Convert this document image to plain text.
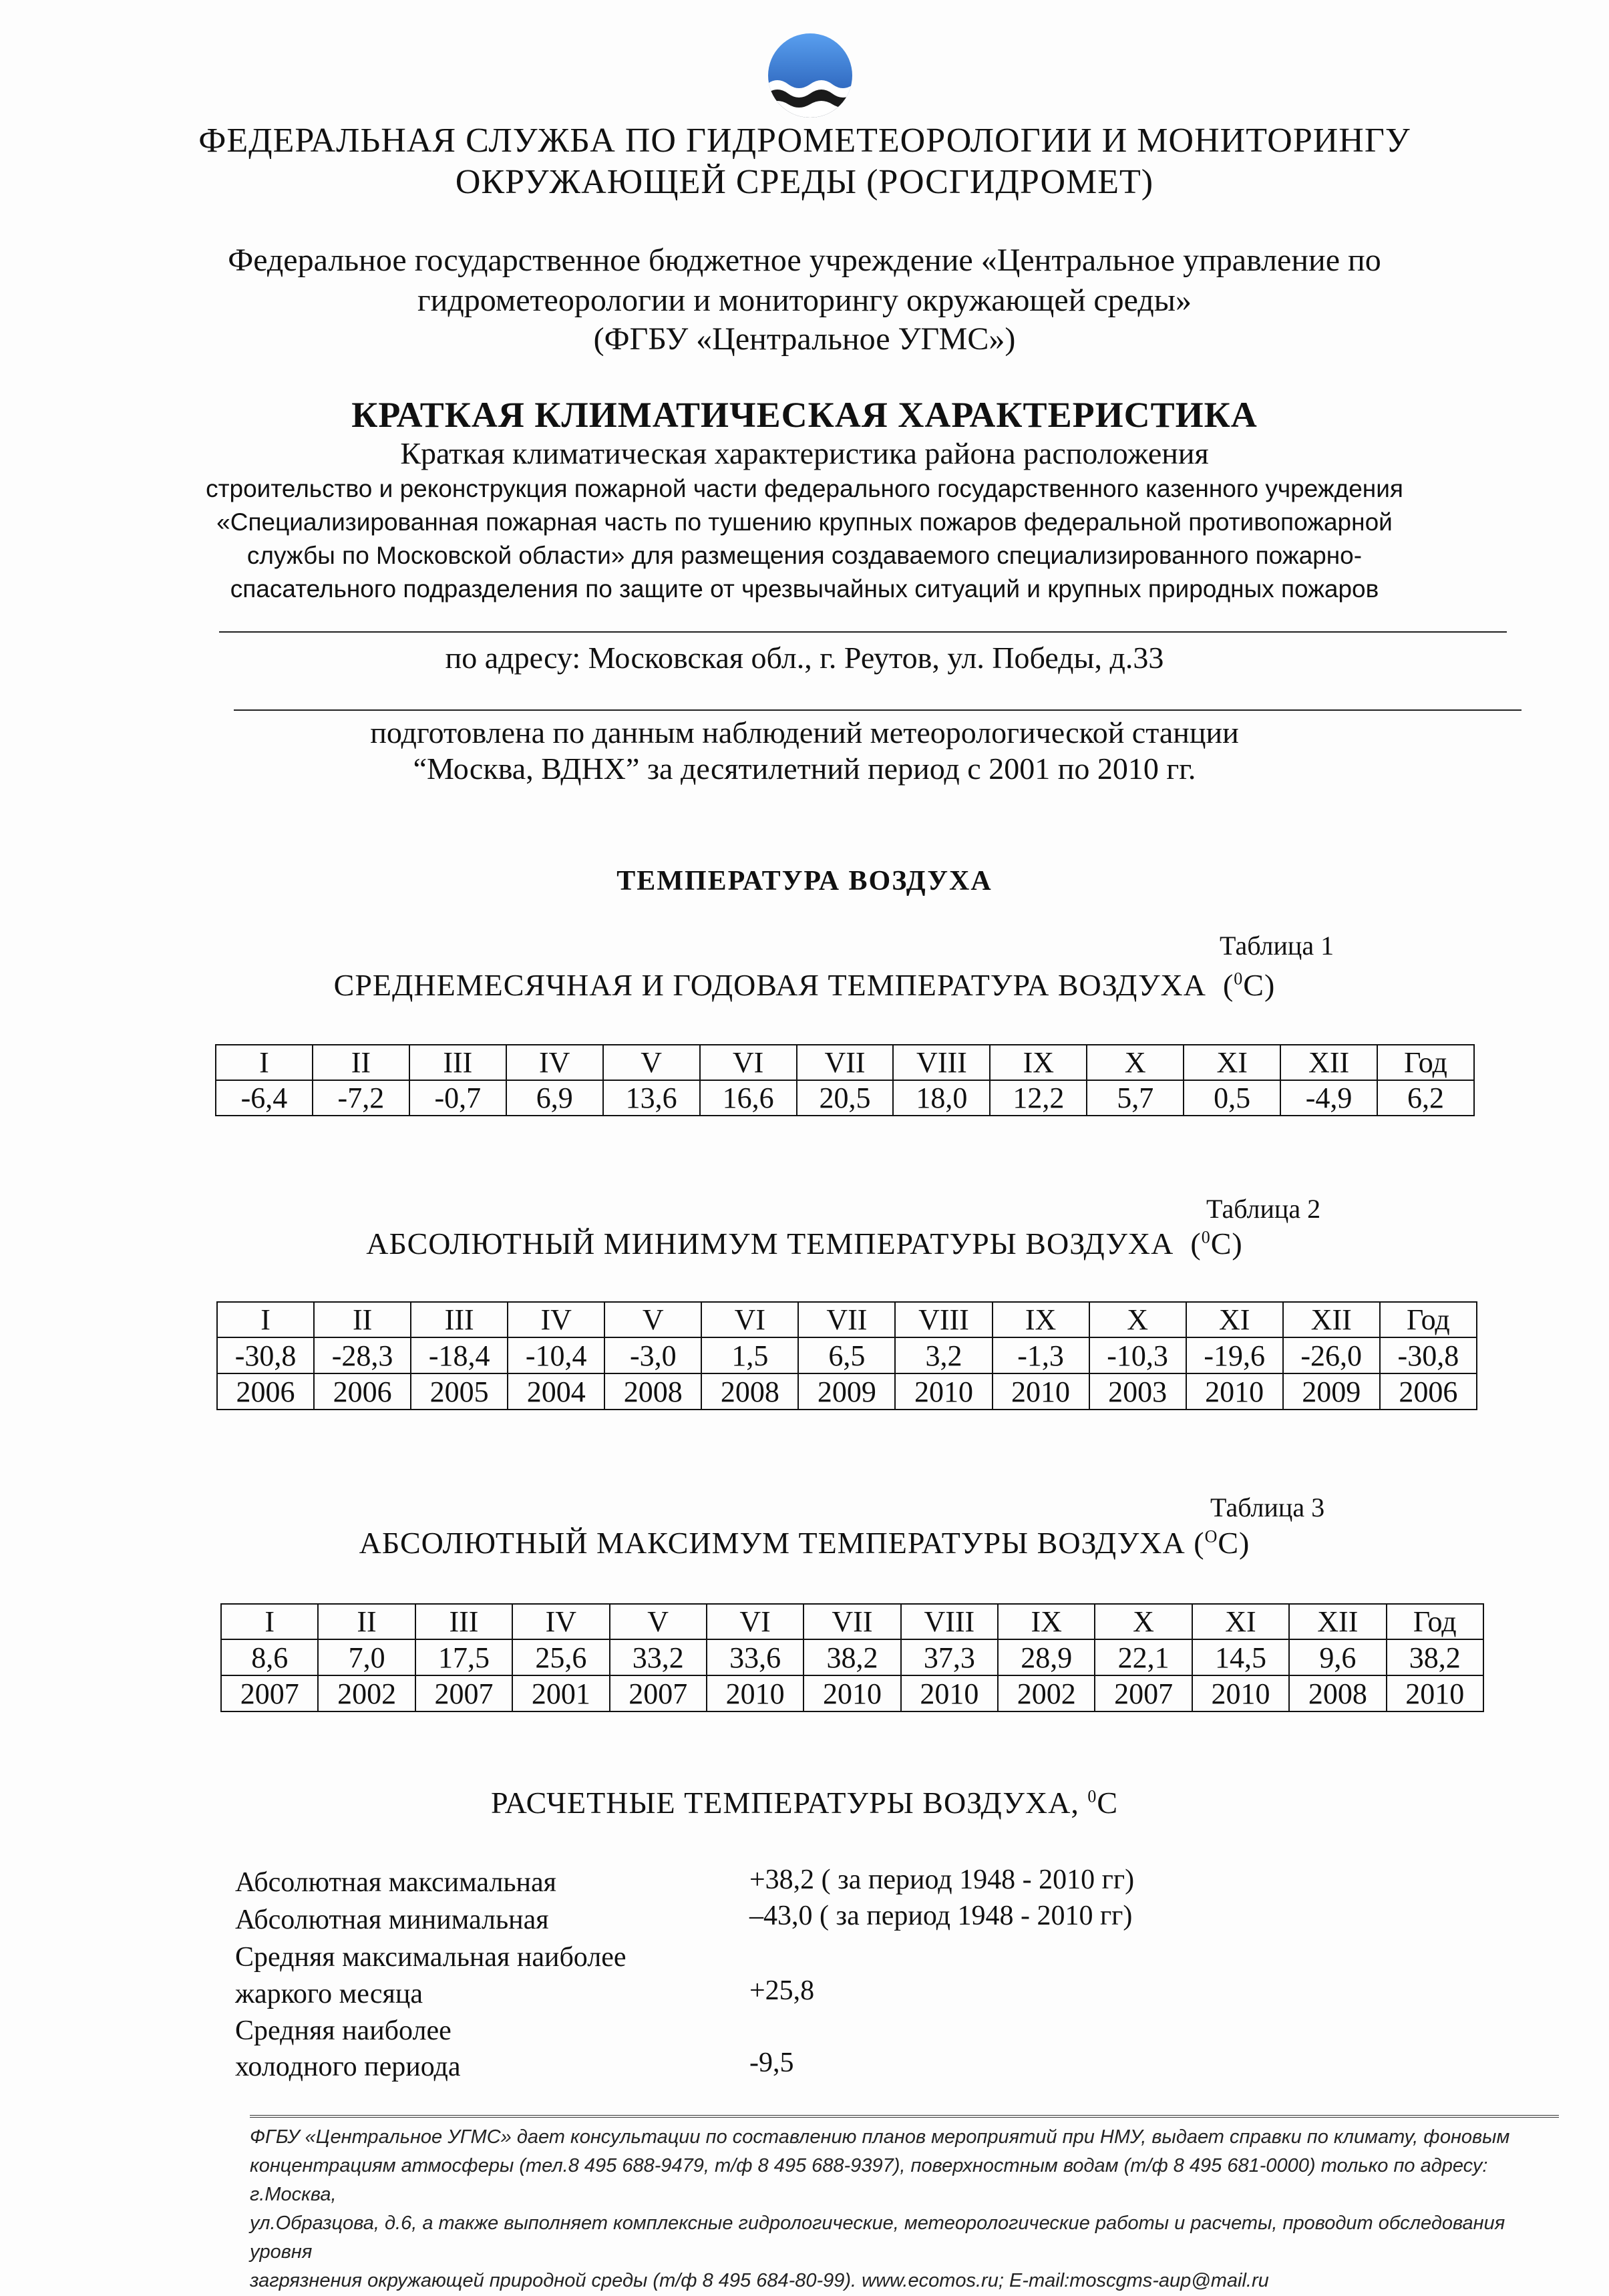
ФЕДЕРАЛЬНАЯ СЛУЖБА ПО ГИДРОМЕТЕОРОЛОГИИ И МОНИТОРИНГУ
ОКРУЖАЮЩЕЙ СРЕДЫ (РОСГИДРОМЕТ)
Федеральное государственное бюджетное учреждение «Центральное управление по
гидрометеорологии и мониторингу окружающей среды»
(ФГБУ «Центральное УГМС»)
КРАТКАЯ КЛИМАТИЧЕСКАЯ ХАРАКТЕРИСТИКА
Краткая климатическая характеристика района расположения
строительство и реконструкция пожарной части федерального государственного казенного учреждения
«Специализированная пожарная часть по тушению крупных пожаров федеральной противопожарной
службы по Московской области» для размещения создаваемого специализированного пожарно-
спасательного подразделения по защите от чрезвычайных ситуаций и крупных природных пожаров
по адресу: Московская обл., г. Реутов, ул. Победы, д.33
подготовлена по данным наблюдений метеорологической станции
“Москва, ВДНХ” за десятилетний период с 2001 по 2010 гг.
ТЕМПЕРАТУРА ВОЗДУХА
Таблица 1
СРЕДНЕМЕСЯЧНАЯ И ГОДОВАЯ ТЕМПЕРАТУРА ВОЗДУХА  ($^0$C)
I	II	III	IV	V	VI	VII	VIII	IX	X	XI	XII	Год
-6,4	-7,2	-0,7	6,9	13,6	16,6	20,5	18,0	12,2	5,7	0,5	-4,9	6,2
Таблица 2
АБСОЛЮТНЫЙ МИНИМУМ ТЕМПЕРАТУРЫ ВОЗДУХА  ($^0$C)
I	II	III	IV	V	VI	VII	VIII	IX	X	XI	XII	Год
-30,8	-28,3	-18,4	-10,4	-3,0	1,5	6,5	3,2	-1,3	-10,3	-19,6	-26,0	-30,8
2006	2006	2005	2004	2008	2008	2009	2010	2010	2003	2010	2009	2006
Таблица 3
АБСОЛЮТНЫЙ МАКСИМУМ ТЕМПЕРАТУРЫ ВОЗДУХА ($^O$C)
I	II	III	IV	V	VI	VII	VIII	IX	X	XI	XII	Год
8,6	7,0	17,5	25,6	33,2	33,6	38,2	37,3	28,9	22,1	14,5	9,6	38,2
2007	2002	2007	2001	2007	2010	2010	2010	2002	2007	2010	2008	2010
РАСЧЕТНЫЕ ТЕМПЕРАТУРЫ ВОЗДУХА, $^0$C
Абсолютная максимальная	+38,2 ( за период 1948 - 2010 гг)
Абсолютная минимальная	–43,0 ( за период 1948 - 2010 гг)
Средняя максимальная наиболее
жаркого месяца	+25,8
Средняя наиболее
холодного периода	-9,5
ФГБУ «Центральное УГМС» дает консультации по составлению планов мероприятий при НМУ, выдает справки по климату, фоновым
концентрациям атмосферы (тел.8 495 688-9479, т/ф 8 495 688-9397), поверхностным водам (т/ф 8 495 681-0000) только по адресу: г.Москва,
ул.Образцова, д.6, а также выполняет комплексные гидрологические, метеорологические работы и расчеты, проводит обследования уровня
загрязнения окружающей природной среды (т/ф 8 495 684-80-99). www.ecomos.ru; E-mail:moscgms-aup@mail.ru
